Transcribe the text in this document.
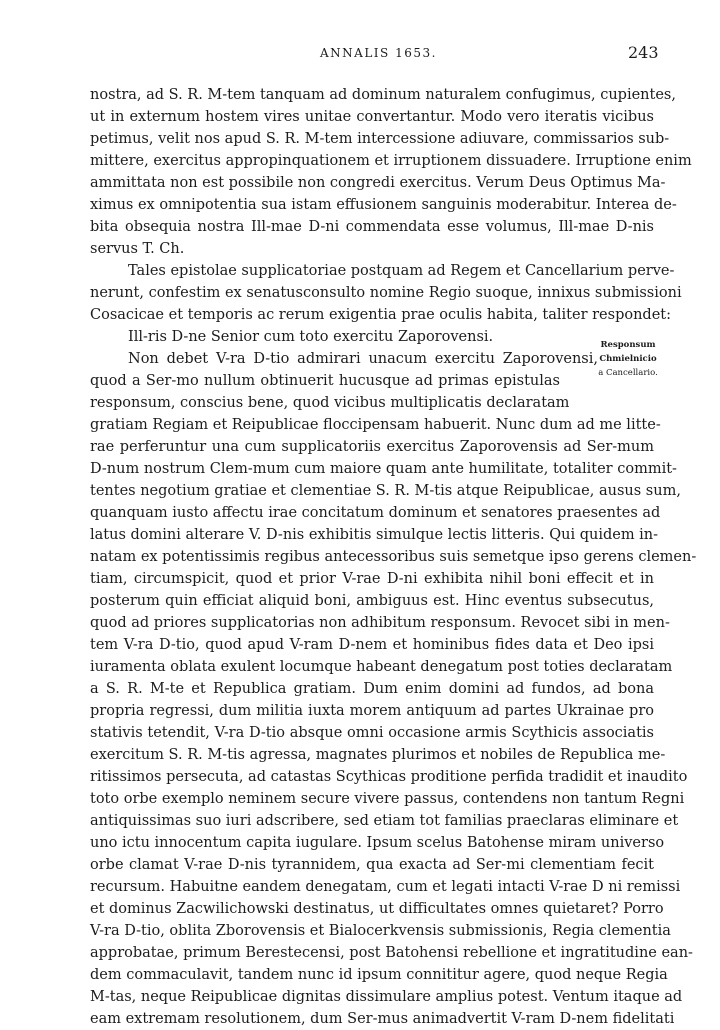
ANNALIS 1653.	243
nostra, ad S. R. M-tem tanquam ad dominum naturalem confugimus, cupientes,
ut in externum hostem vires unitae convertantur. Modo vero iteratis vicibus
petimus, velit nos apud S. R. M-tem intercessione adiuvare, commissarios sub-
mittere, exercitus appropinquationem et irruptionem dissuadere. Irruptione enim
ammittata non est possibile non congredi exercitus. Verum Deus Optimus Ma-
ximus ex omnipotentia sua istam effusionem sanguinis moderabitur. Interea de-
bita obsequia nostra Ill-mae D-ni commendata esse volumus, Ill-mae D-nis
servus T. Ch.
Tales epistolae supplicatoriae postquam ad Regem et Cancellarium perve-
nerunt, confestim ex senatusconsulto nomine Regio suoque, innixus submissioni
Cosacicae et temporis ac rerum exigentia prae oculis habita, taliter respondet:
Ill-ris D-ne Senior cum toto exercitu Zaporovensi.
Non debet V-ra D-tio admirari unacum exercitu Zaporovensi,
quod a Ser-mo nullum obtinuerit hucusque ad primas epistulas
responsum, conscius bene, quod vicibus multiplicatis declaratam
gratiam Regiam et Reipublicae floccipensam habuerit. Nunc dum ad me litte-
rae perferuntur una cum supplicatoriis exercitus Zaporovensis ad Ser-mum
D-num nostrum Clem-mum cum maiore quam ante humilitate, totaliter commit-
tentes negotium gratiae et clementiae S. R. M-tis atque Reipublicae, ausus sum,
quanquam iusto affectu irae concitatum dominum et senatores praesentes ad
latus domini alterare V. D-nis exhibitis simulque lectis litteris. Qui quidem in-
natam ex potentissimis regibus antecessoribus suis semetque ipso gerens clemen-
tiam, circumspicit, quod et prior V-rae D-ni exhibita nihil boni effecit et in
posterum quin efficiat aliquid boni, ambiguus est. Hinc eventus subsecutus,
quod ad priores supplicatorias non adhibitum responsum. Revocet sibi in men-
tem V-ra D-tio, quod apud V-ram D-nem et hominibus fides data et Deo ipsi
iuramenta oblata exulent locumque habeant denegatum post toties declaratam
a S. R. M-te et Republica gratiam. Dum enim domini ad fundos, ad bona
propria regressi, dum militia iuxta morem antiquum ad partes Ukrainae pro
stativis tetendit, V-ra D-tio absque omni occasione armis Scythicis associatis
exercitum S. R. M-tis agressa, magnates plurimos et nobiles de Republica me-
ritissimos persecuta, ad catastas Scythicas proditione perfida tradidit et inaudito
toto orbe exemplo neminem secure vivere passus, contendens non tantum Regni
antiquissimas suo iuri adscribere, sed etiam tot familias praeclaras eliminare et
uno ictu innocentum capita iugulare. Ipsum scelus Batohense miram universo
orbe clamat V-rae D-nis tyrannidem, qua exacta ad Ser-mi clementiam fecit
recursum. Habuitne eandem denegatam, cum et legati intacti V-rae D ni remissi
et dominus Zacwilichowski destinatus, ut difficultates omnes quietaret? Porro
V-ra D-tio, oblita Zborovensis et Bialocerkvensis submissionis, Regia clementia
approbatae, primum Berestecensi, post Batohensi rebellione et ingratitudine ean-
dem commaculavit, tandem nunc id ipsum connititur agere, quod neque Regia
M-tas, neque Reipublicae dignitas dissimulare amplius potest. Ventum itaque ad
eam extremam resolutionem, dum Ser-mus animadvertit V-ram D-nem fidelitati
Responsum
Chmielnicio
a Cancellario.
